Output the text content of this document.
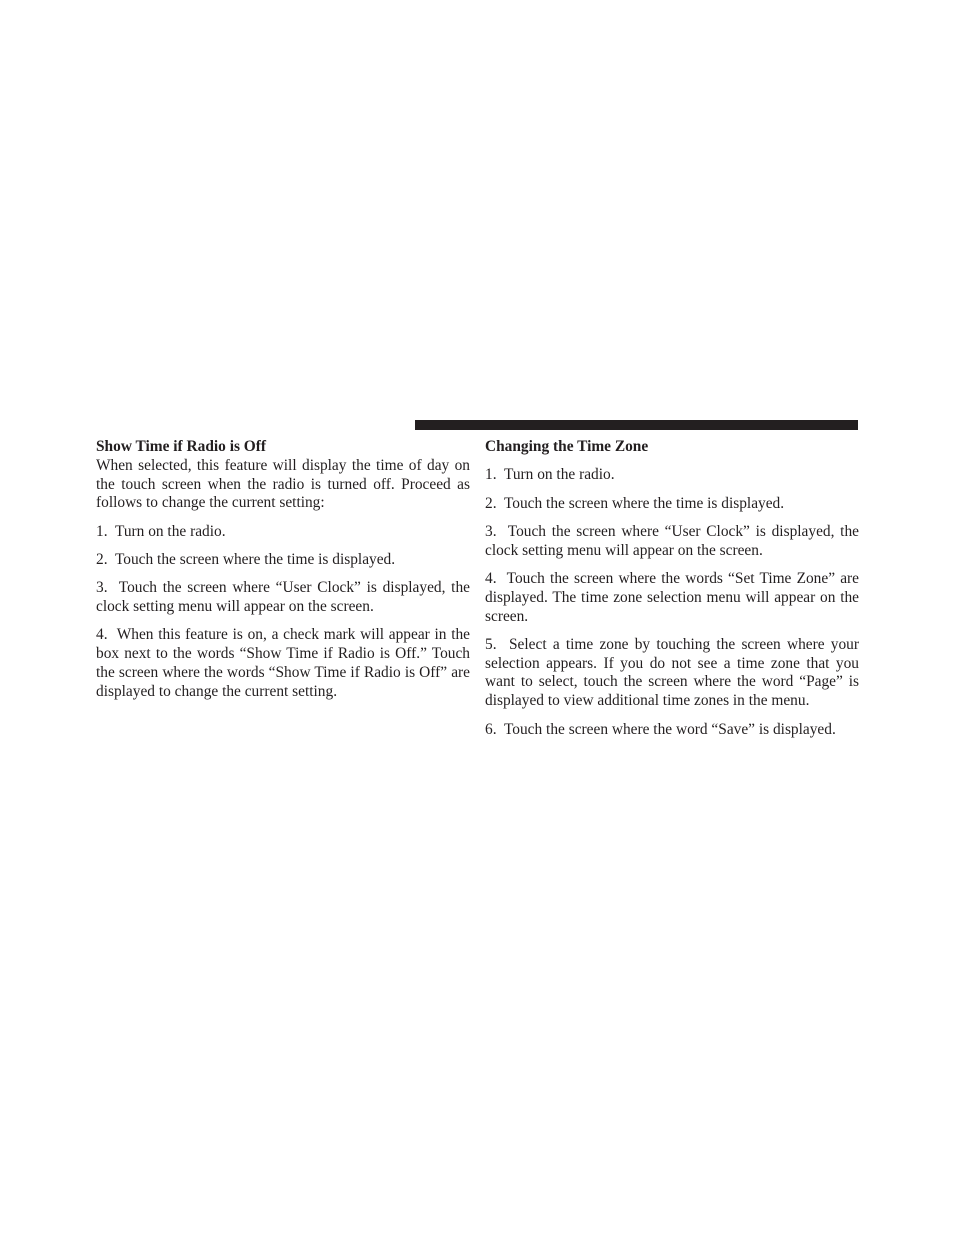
Show Time if Radio is Off

When selected, this feature will display the time of day on the touch screen when the radio is turned off. Proceed as follows to change the current setting:

1. Turn on the radio.

2. Touch the screen where the time is displayed.

3. Touch the screen where “User Clock” is displayed, the clock setting menu will appear on the screen.

4. When this feature is on, a check mark will appear in the box next to the words “Show Time if Radio is Off.” Touch the screen where the words “Show Time if Radio is Off” are displayed to change the current setting.

Changing the Time Zone

1. Turn on the radio.

2. Touch the screen where the time is displayed.

3. Touch the screen where “User Clock” is displayed, the clock setting menu will appear on the screen.

4. Touch the screen where the words “Set Time Zone” are displayed. The time zone selection menu will appear on the screen.

5. Select a time zone by touching the screen where your selection appears. If you do not see a time zone that you want to select, touch the screen where the word “Page” is displayed to view additional time zones in the menu.

6. Touch the screen where the word “Save” is displayed.
